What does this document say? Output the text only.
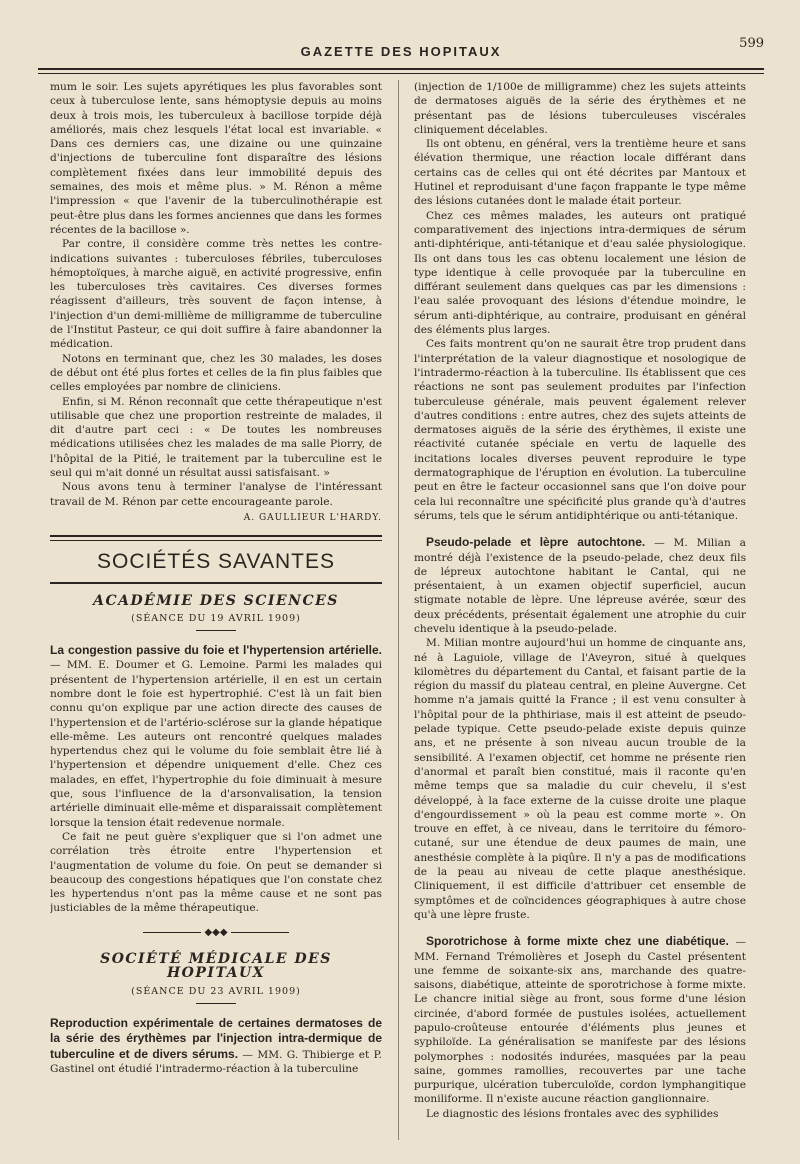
GAZETTE DES HOPITAUX
599

mum le soir. Les sujets apyrétiques les plus favorables sont ceux à tuberculose lente, sans hémoptysie depuis au moins deux à trois mois, les tuberculeux à bacillose torpide déjà améliorés, mais chez lesquels l'état local est invariable. « Dans ces derniers cas, une dizaine ou une quinzaine d'injections de tuberculine font disparaître des lésions complètement fixées dans leur immobilité depuis des semaines, des mois et même plus. » M. Rénon a même l'impression « que l'avenir de la tuberculinothérapie est peut-être plus dans les formes anciennes que dans les formes récentes de la bacillose ».

Par contre, il considère comme très nettes les contre-indications suivantes : tuberculoses fébriles, tuberculoses hémoptoïques, à marche aiguë, en activité progressive, enfin les tuberculoses très cavitaires. Ces diverses formes réagissent d'ailleurs, très souvent de façon intense, à l'injection d'un demi-millième de milligramme de tuberculine de l'Institut Pasteur, ce qui doit suffire à faire abandonner la médication.

Notons en terminant que, chez les 30 malades, les doses de début ont été plus fortes et celles de la fin plus faibles que celles employées par nombre de cliniciens.

Enfin, si M. Rénon reconnaît que cette thérapeutique n'est utilisable que chez une proportion restreinte de malades, il dit d'autre part ceci : « De toutes les nombreuses médications utilisées chez les malades de ma salle Piorry, de l'hôpital de la Pitié, le traitement par la tuberculine est le seul qui m'ait donné un résultat aussi satisfaisant. »

Nous avons tenu à terminer l'analyse de l'intéressant travail de M. Rénon par cette encourageante parole.

A. GAULLIEUR L'HARDY.
SOCIÉTÉS SAVANTES
ACADÉMIE DES SCIENCES
(SÉANCE DU 19 AVRIL 1909)

La congestion passive du foie et l'hypertension artérielle. — MM. E. Doumer et G. Lemoine. Parmi les malades qui présentent de l'hypertension artérielle, il en est un certain nombre dont le foie est hypertrophié. C'est là un fait bien connu qu'on explique par une action directe des causes de l'hypertension et de l'artério-sclérose sur la glande hépatique elle-même. Les auteurs ont rencontré quelques malades hypertendus chez qui le volume du foie semblait être lié à l'hypertension et dépendre uniquement d'elle. Chez ces malades, en effet, l'hypertrophie du foie diminuait à mesure que, sous l'influence de la d'arsonvalisation, la tension artérielle diminuait elle-même et disparaissait complètement lorsque la tension était redevenue normale.

Ce fait ne peut guère s'expliquer que si l'on admet une corrélation très étroite entre l'hypertension et l'augmentation de volume du foie. On peut se demander si beaucoup des congestions hépatiques que l'on constate chez les hypertendus n'ont pas la même cause et ne sont pas justiciables de la même thérapeutique.

◆◆◆
SOCIÉTÉ MÉDICALE DES HOPITAUX
(SÉANCE DU 23 AVRIL 1909)

Reproduction expérimentale de certaines dermatoses de la série des érythèmes par l'injection intra-dermique de tuberculine et de divers sérums. — MM. G. Thibierge et P. Gastinel ont étudié l'intradermo-réaction à la tuberculine

(injection de 1/100e de milligramme) chez les sujets atteints de dermatoses aiguës de la série des érythèmes et ne présentant pas de lésions tuberculeuses viscérales cliniquement décelables.

Ils ont obtenu, en général, vers la trentième heure et sans élévation thermique, une réaction locale différant dans certains cas de celles qui ont été décrites par Mantoux et Hutinel et reproduisant d'une façon frappante le type même des lésions cutanées dont le malade était porteur.

Chez ces mêmes malades, les auteurs ont pratiqué comparativement des injections intra-dermiques de sérum anti-diphtérique, anti-tétanique et d'eau salée physiologique. Ils ont dans tous les cas obtenu localement une lésion de type identique à celle provoquée par la tuberculine en différant seulement dans quelques cas par les dimensions : l'eau salée provoquant des lésions d'étendue moindre, le sérum anti-diphtérique, au contraire, produisant en général des éléments plus larges.

Ces faits montrent qu'on ne saurait être trop prudent dans l'interprétation de la valeur diagnostique et nosologique de l'intradermo-réaction à la tuberculine. Ils établissent que ces réactions ne sont pas seulement produites par l'infection tuberculeuse générale, mais peuvent également relever d'autres conditions : entre autres, chez des sujets atteints de dermatoses aiguës de la série des érythèmes, il existe une réactivité cutanée spéciale en vertu de laquelle des incitations locales diverses peuvent reproduire le type dermatographique de l'éruption en évolution. La tuberculine peut en être le facteur occasionnel sans que l'on doive pour cela lui reconnaître une spécificité plus grande qu'à d'autres sérums, tels que le sérum antidiphtérique ou anti-tétanique.

Pseudo-pelade et lèpre autochtone. — M. Milian a montré déjà l'existence de la pseudo-pelade, chez deux fils de lépreux autochtone habitant le Cantal, qui ne présentaient, à un examen objectif superficiel, aucun stigmate notable de lèpre. Une lépreuse avérée, sœur des deux précédents, présentait également une atrophie du cuir chevelu identique à la pseudo-pelade.

M. Milian montre aujourd'hui un homme de cinquante ans, né à Laguiole, village de l'Aveyron, situé à quelques kilomètres du département du Cantal, et faisant partie de la région du massif du plateau central, en pleine Auvergne. Cet homme n'a jamais quitté la France ; il est venu consulter à l'hôpital pour de la phthiriase, mais il est atteint de pseudo-pelade typique. Cette pseudo-pelade existe depuis quinze ans, et ne présente à son niveau aucun trouble de la sensibilité. A l'examen objectif, cet homme ne présente rien d'anormal et paraît bien constitué, mais il raconte qu'en même temps que sa maladie du cuir chevelu, il s'est développé, à la face externe de la cuisse droite une plaque d'engourdissement » où la peau est comme morte ». On trouve en effet, à ce niveau, dans le territoire du fémoro-cutané, sur une étendue de deux paumes de main, une anesthésie complète à la piqûre. Il n'y a pas de modifications de la peau au niveau de cette plaque anesthésique. Cliniquement, il est difficile d'attribuer cet ensemble de symptômes et de coïncidences géographiques à autre chose qu'à une lèpre fruste.

Sporotrichose à forme mixte chez une diabétique. — MM. Fernand Trémolières et Joseph du Castel présentent une femme de soixante-six ans, marchande des quatre-saisons, diabétique, atteinte de sporotrichose à forme mixte. Le chancre initial siège au front, sous forme d'une lésion circinée, d'abord formée de pustules isolées, actuellement papulo-croûteuse entourée d'éléments plus jeunes et syphiloïde. La généralisation se manifeste par des lésions polymorphes : nodosités indurées, masquées par la peau saine, gommes ramollies, recouvertes par une tache purpurique, ulcération tuberculoïde, cordon lymphangitique moniliforme. Il n'existe aucune réaction ganglionnaire.

Le diagnostic des lésions frontales avec des syphilides
